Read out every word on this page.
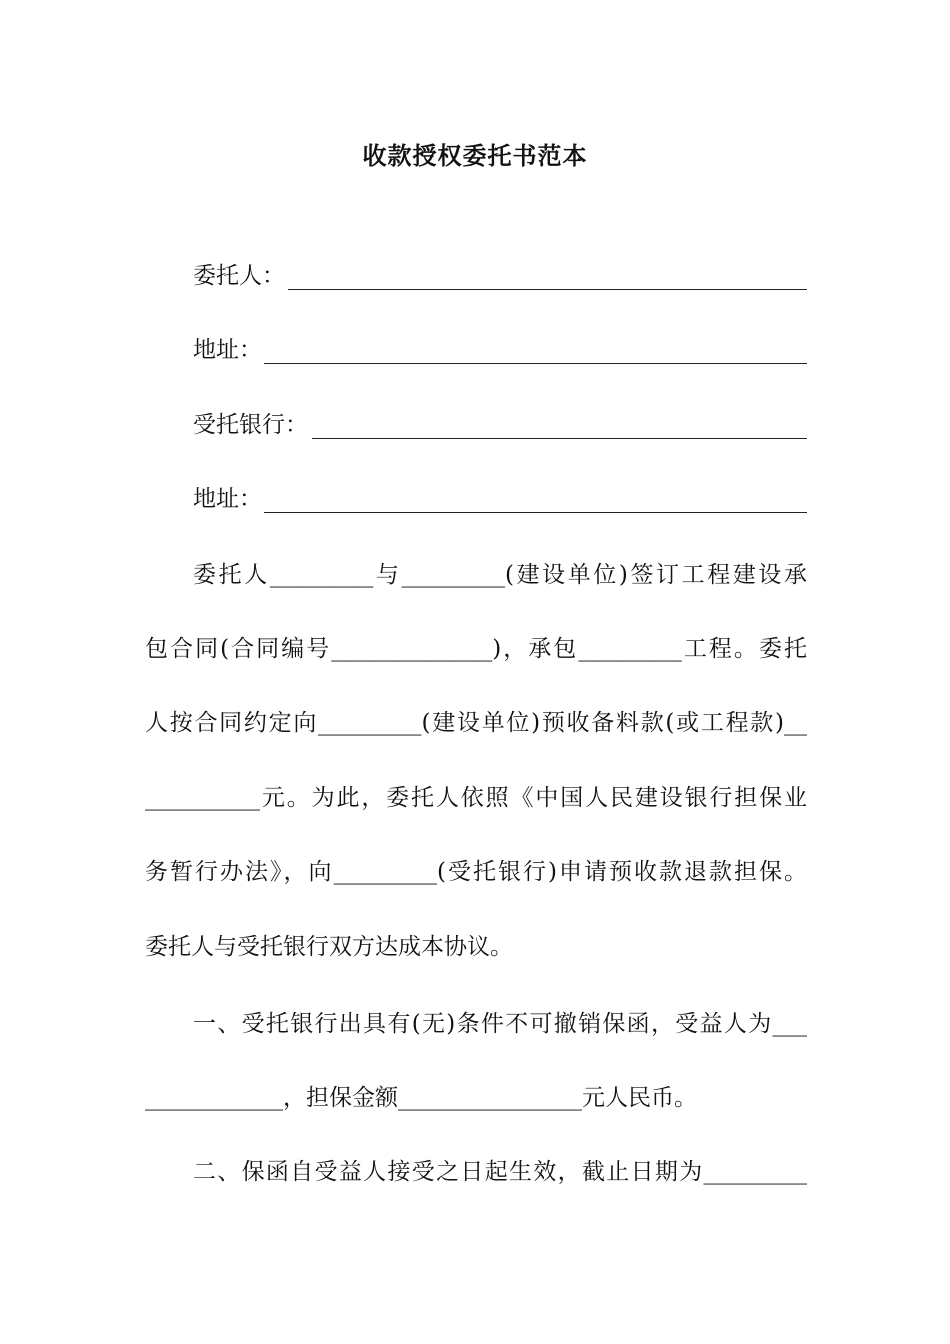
收款授权委托书范本
委托人：
地址：
受托银行：
地址：
委托人_________与_________(建设单位)签订工程建设承
包合同(合同编号______________)，承包_________工程。委托
人按合同约定向_________(建设单位)预收备料款(或工程款)__
__________元。为此，委托人依照《中国人民建设银行担保业
务暂行办法》，向_________(受托银行)申请预收款退款担保。
委托人与受托银行双方达成本协议。
一、受托银行出具有(无)条件不可撤销保函，受益人为___
____________，担保金额________________元人民币。
二、保函自受益人接受之日起生效，截止日期为_________
